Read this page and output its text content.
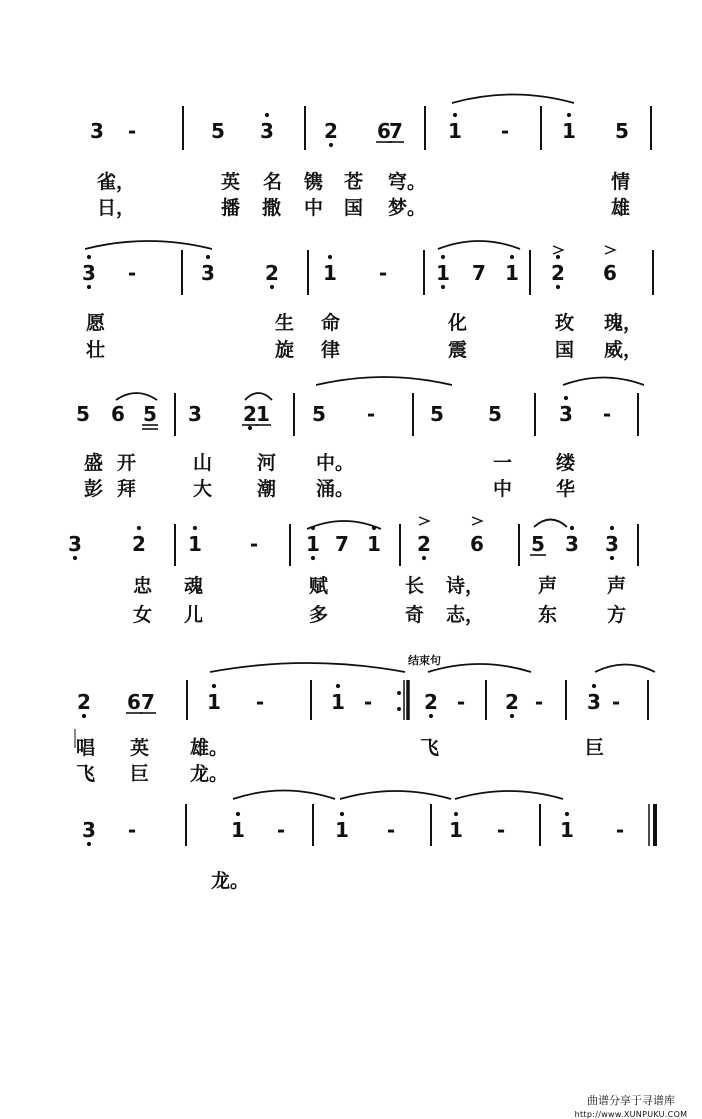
3 -	5 3	2 6
7 1 -	1 5
雀，	英 名 镌 苍 穹。	情
日，	播 撒 中 国 梦。	雄
3 -	3	2 1 - 1 7 1 2 6
愿	生 命	化	玫 瑰，
壮	旋 律	震	国 威，
5 6 5 3 2 1 5 -	5 5	3 -
盛 开	山 河 中。	一 缕
彭 拜	大 潮 涌。	中 华
3	2 1 - 1 7 1 2 6 5 3 3
忠 魂	赋	长 诗，	声	声
女 儿	多	奇 志，	东	方
2 6 7	1 -	1 -	2 - 2 - 3 -
唱 英 雄。	飞	巨
飞 巨 龙。
3 -	1 - 1 -	1 -	1 -
龙。
结束句
曲谱分享于寻谱库
http://www.XUNPUKU.COM
